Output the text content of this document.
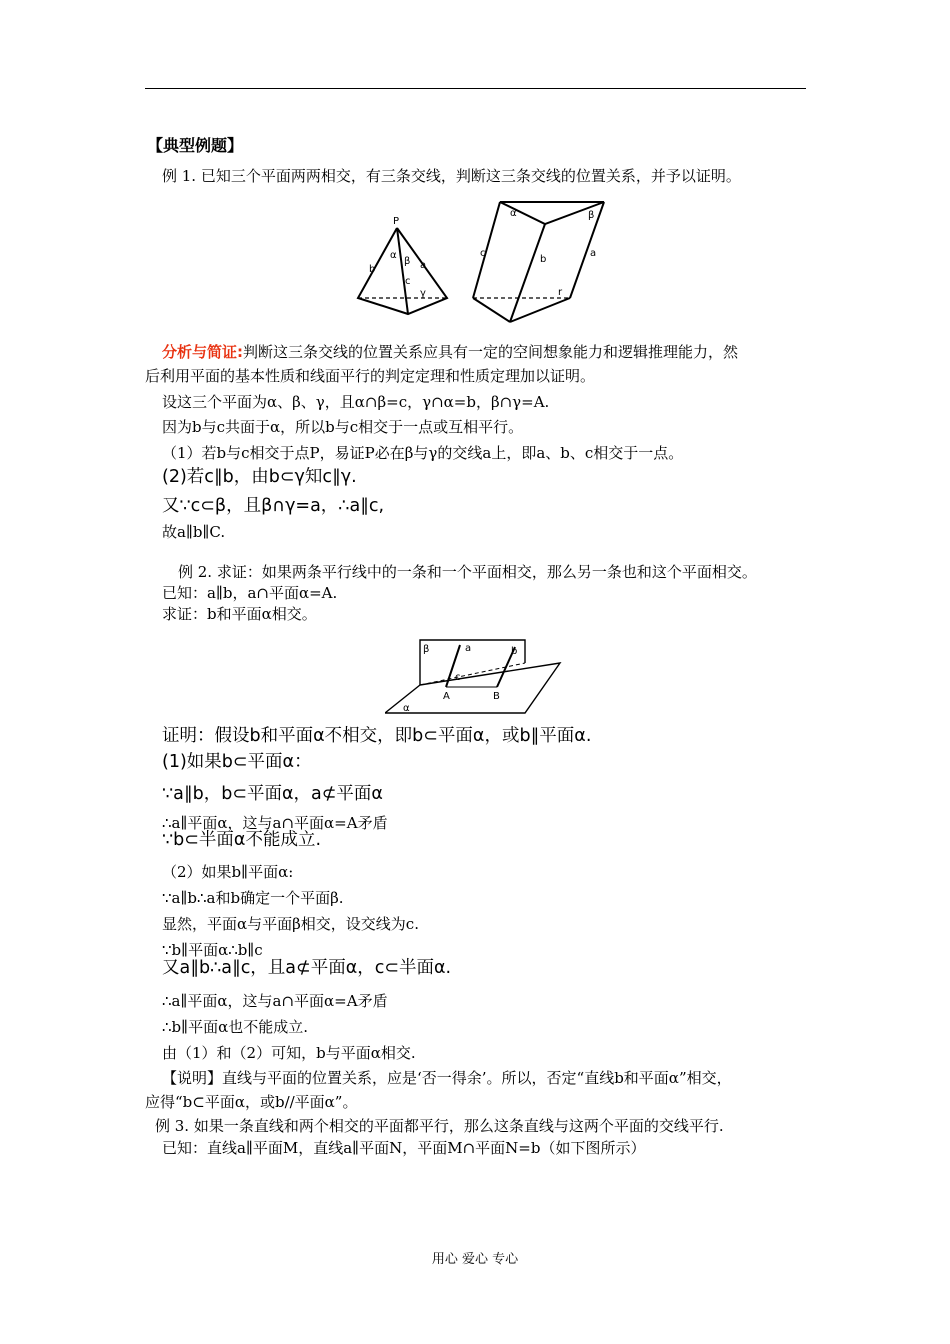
【典型例题】
例 1. 已知三个平面两两相交，有三条交线，判断这三条交线的位置关系，并予以证明。
P
α
β a
b
c
γ
α	β
c
b
a
r
分析与简证:判断这三条交线的位置关系应具有一定的空间想象能力和逻辑推理能力，然
后利用平面的基本性质和线面平行的判定定理和性质定理加以证明。
设这三个平面为α、β、γ，且α∩β=c，γ∩α=b，β∩γ=A.
因为b与c共面于α，所以b与c相交于一点或互相平行。
（1）若b与c相交于点P，易证P必在β与γ的交线a上，即a、b、c相交于一点。
(2)若c∥b，由b⊂γ知c∥γ.
又∵c⊂β，且β∩γ=a，∴a∥c,
故a∥b∥C.
例 2. 求证：如果两条平行线中的一条和一个平面相交，那么另一条也和这个平面相交。
已知：a∥b，a∩平面α=A.
求证：b和平面α相交。
β	a	b
c
A	B
α
证明：假设b和平面α不相交，即b⊂平面α，或b∥平面α.
(1)如果b⊂平面α：
∵a∥b，b⊂平面α，a⊄平面α
∴a∥平面α，这与a∩平面α=A矛盾
∵b⊂半面α不能成立.
（2）如果b∥平面α:
∵a∥b∴a和b确定一个平面β.
显然，平面α与平面β相交，设交线为c.
∵b∥平面α∴b∥c
又a∥b∴a∥c，且a⊄平面α，c⊂半面α.
∴a∥平面α，这与a∩平面α=A矛盾
∴b∥平面α也不能成立.
由（1）和（2）可知，b与平面α相交.
【说明】直线与平面的位置关系，应是‘否一得余’。所以，否定“直线b和平面α”相交，
应得“b⊂平面α，或b//平面α”。
例 3. 如果一条直线和两个相交的平面都平行，那么这条直线与这两个平面的交线平行.
已知：直线a∥平面M，直线a∥平面N，平面M∩平面N=b（如下图所示）
用心 爱心 专心
